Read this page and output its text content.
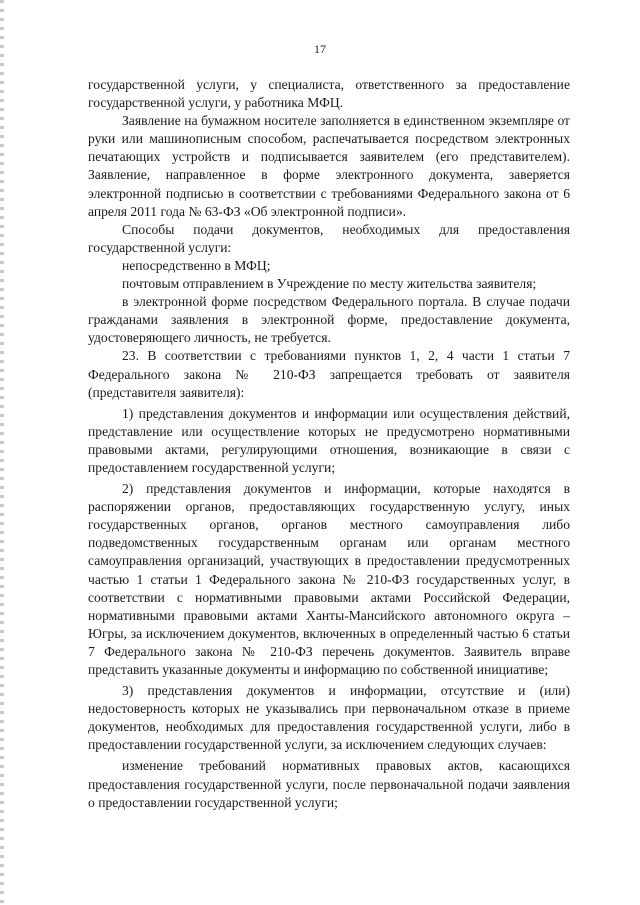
17

государственной услуги, у специалиста, ответственного за предоставление государственной услуги, у работника МФЦ.

Заявление на бумажном носителе заполняется в единственном экземпляре от руки или машинописным способом, распечатывается посредством электронных печатающих устройств и подписывается заявителем (его представителем). Заявление, направленное в форме электронного документа, заверяется электронной подписью в соответствии с требованиями Федерального закона от 6 апреля 2011 года № 63-ФЗ «Об электронной подписи».

Способы подачи документов, необходимых для предоставления государственной услуги:

непосредственно в МФЦ;

почтовым отправлением в Учреждение по месту жительства заявителя;

в электронной форме посредством Федерального портала. В случае подачи гражданами заявления в электронной форме, предоставление документа, удостоверяющего личность, не требуется.

23. В соответствии с требованиями пунктов 1, 2, 4 части 1 статьи 7 Федерального закона № 210-ФЗ запрещается требовать от заявителя (представителя заявителя):

1) представления документов и информации или осуществления действий, представление или осуществление которых не предусмотрено нормативными правовыми актами, регулирующими отношения, возникающие в связи с предоставлением государственной услуги;

2) представления документов и информации, которые находятся в распоряжении органов, предоставляющих государственную услугу, иных государственных органов, органов местного самоуправления либо подведомственных государственным органам или органам местного самоуправления организаций, участвующих в предоставлении предусмотренных частью 1 статьи 1 Федерального закона № 210-ФЗ государственных услуг, в соответствии с нормативными правовыми актами Российской Федерации, нормативными правовыми актами Ханты-Мансийского автономного округа – Югры, за исключением документов, включенных в определенный частью 6 статьи 7 Федерального закона № 210-ФЗ перечень документов. Заявитель вправе представить указанные документы и информацию по собственной инициативе;

3) представления документов и информации, отсутствие и (или) недостоверность которых не указывались при первоначальном отказе в приеме документов, необходимых для предоставления государственной услуги, либо в предоставлении государственной услуги, за исключением следующих случаев:

изменение требований нормативных правовых актов, касающихся предоставления государственной услуги, после первоначальной подачи заявления о предоставлении государственной услуги;
